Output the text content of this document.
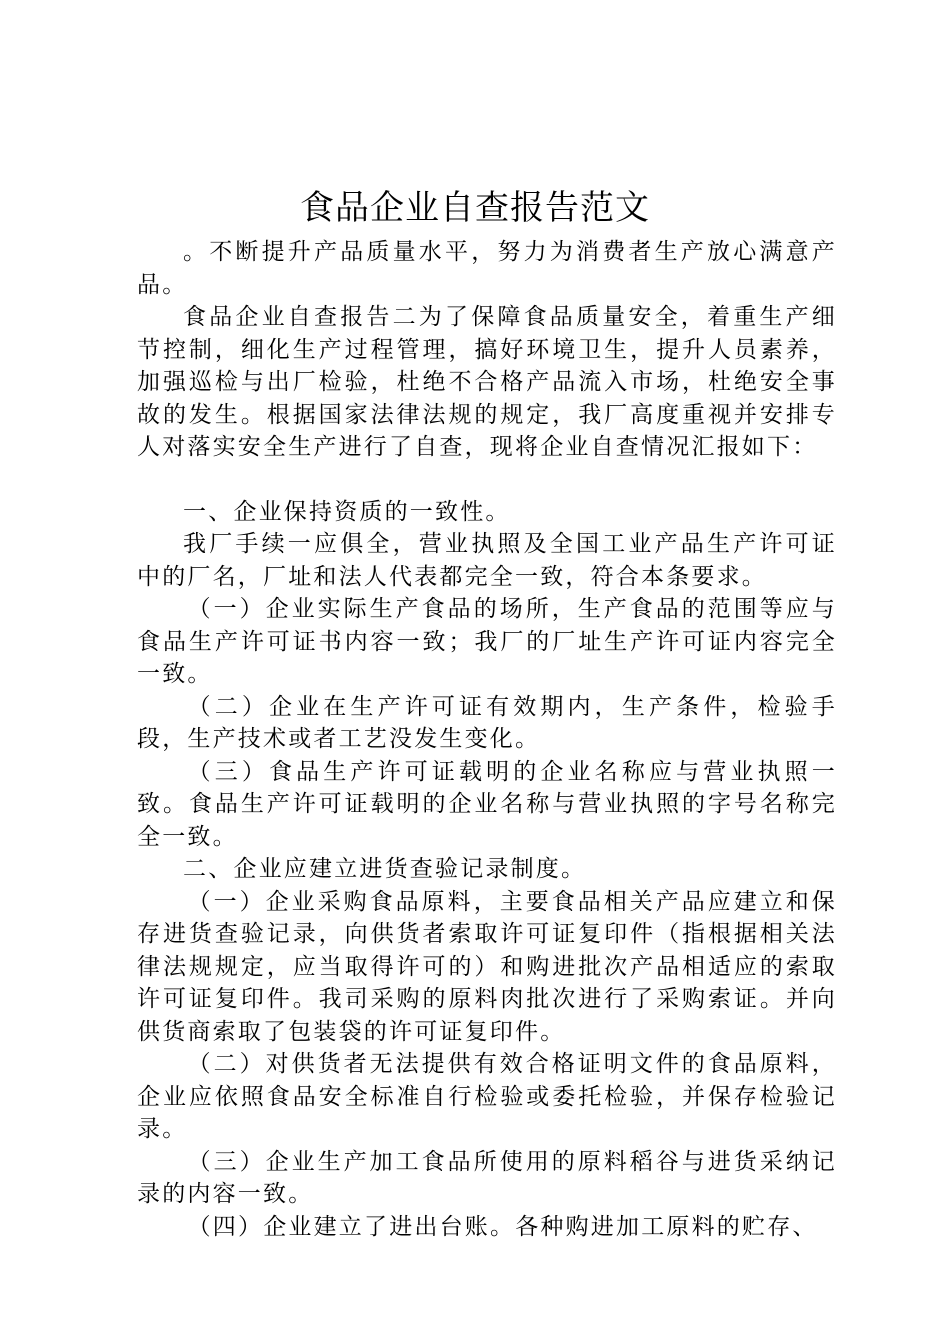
食品企业自查报告范文

。不断提升产品质量水平，努力为消费者生产放心满意产品。

食品企业自查报告二为了保障食品质量安全，着重生产细节控制，细化生产过程管理，搞好环境卫生，提升人员素养，加强巡检与出厂检验，杜绝不合格产品流入市场，杜绝安全事故的发生。根据国家法律法规的规定，我厂高度重视并安排专人对落实安全生产进行了自查，现将企业自查情况汇报如下：

一、企业保持资质的一致性。

我厂手续一应俱全，营业执照及全国工业产品生产许可证中的厂名，厂址和法人代表都完全一致，符合本条要求。

（一）企业实际生产食品的场所，生产食品的范围等应与食品生产许可证书内容一致；我厂的厂址生产许可证内容完全一致。

（二）企业在生产许可证有效期内，生产条件，检验手段，生产技术或者工艺没发生变化。

（三）食品生产许可证载明的企业名称应与营业执照一致。食品生产许可证载明的企业名称与营业执照的字号名称完全一致。

二、企业应建立进货查验记录制度。

（一）企业采购食品原料，主要食品相关产品应建立和保存进货查验记录，向供货者索取许可证复印件（指根据相关法律法规规定，应当取得许可的）和购进批次产品相适应的索取许可证复印件。我司采购的原料肉批次进行了采购索证。并向供货商索取了包装袋的许可证复印件。

（二）对供货者无法提供有效合格证明文件的食品原料，企业应依照食品安全标准自行检验或委托检验，并保存检验记录。

（三）企业生产加工食品所使用的原料稻谷与进货采纳记录的内容一致。

（四）企业建立了进出台账。各种购进加工原料的贮存、
